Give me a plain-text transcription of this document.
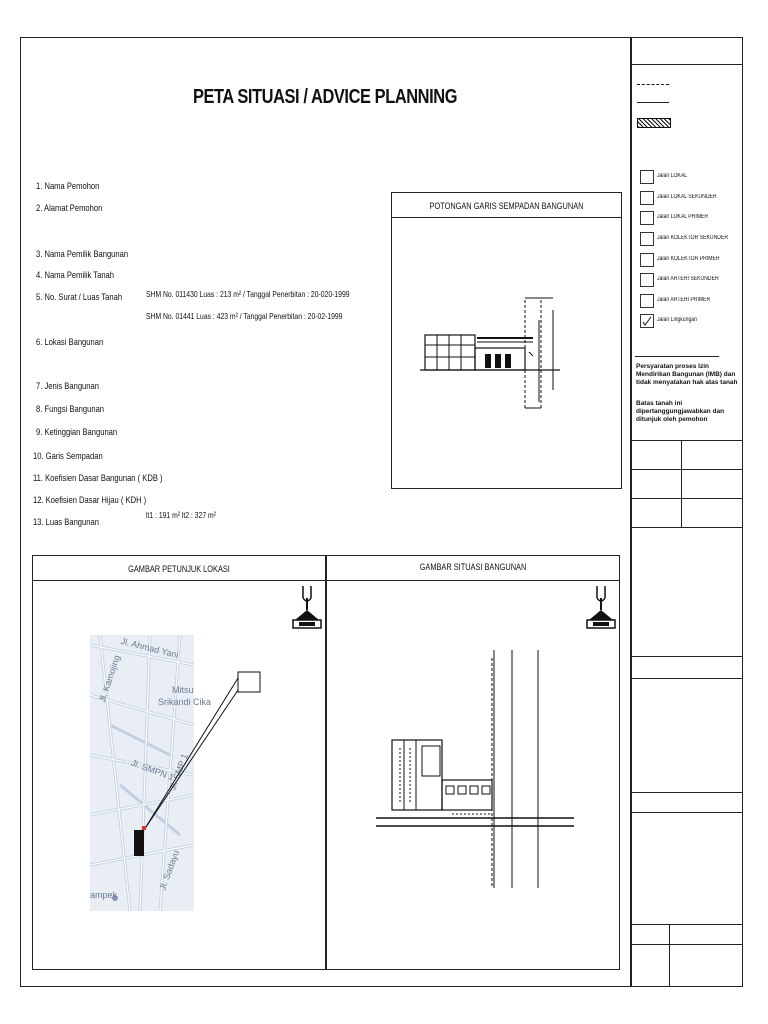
PETA SITUASI / ADVICE PLANNING
1. Nama Pemohon
2. Alamat Pemohon
3. Nama Pemilik Bangunan
4. Nama Pemilik Tanah
5. No. Surat / Luas Tanah
6. Lokasi Bangunan
7. Jenis Bangunan
8. Fungsi Bangunan
9. Ketinggian Bangunan
10. Garis Sempadan
11. Koefisien Dasar Bangunan ( KDB )
12. Koefisien Dasar Hijau ( KDH )
13. Luas Bangunan
SHM No. 011430 Luas : 213 m² / Tanggal Penerbitan : 20-020-1999
SHM No. 01441 Luas : 423 m² / Tanggal Penerbitan : 20-02-1999
lt1 : 191 m² lt2 : 327 m²
POTONGAN GARIS SEMPADAN BANGUNAN
GAMBAR PETUNJUK LOKASI	GAMBAR SITUASI BANGUNAN
Jl. Ahmad Yani
Jl. Kamojing	Mitsu
Srikandi Cika
Jl. SMPN 1
Jl. SMP 1
ampek
Jl. Sadayu
Jalan LOKAL
Jalan LOKAL SEKUNDER
Jalan LOKAL PRIMER
Jalan KOLEKTOR SEKUNDER
Jalan KOLEKTOR PRIMER
Jalan ARTERI SEKUNDER
Jalan ARTERI PRIMER
Jalan Lingkungan
Persyaratan proses Izin Mendirikan Bangunan (IMB) dan tidak menyatakan hak atas tanah
Batas tanah ini dipertanggungjawabkan dan ditunjuk oleh pemohon
